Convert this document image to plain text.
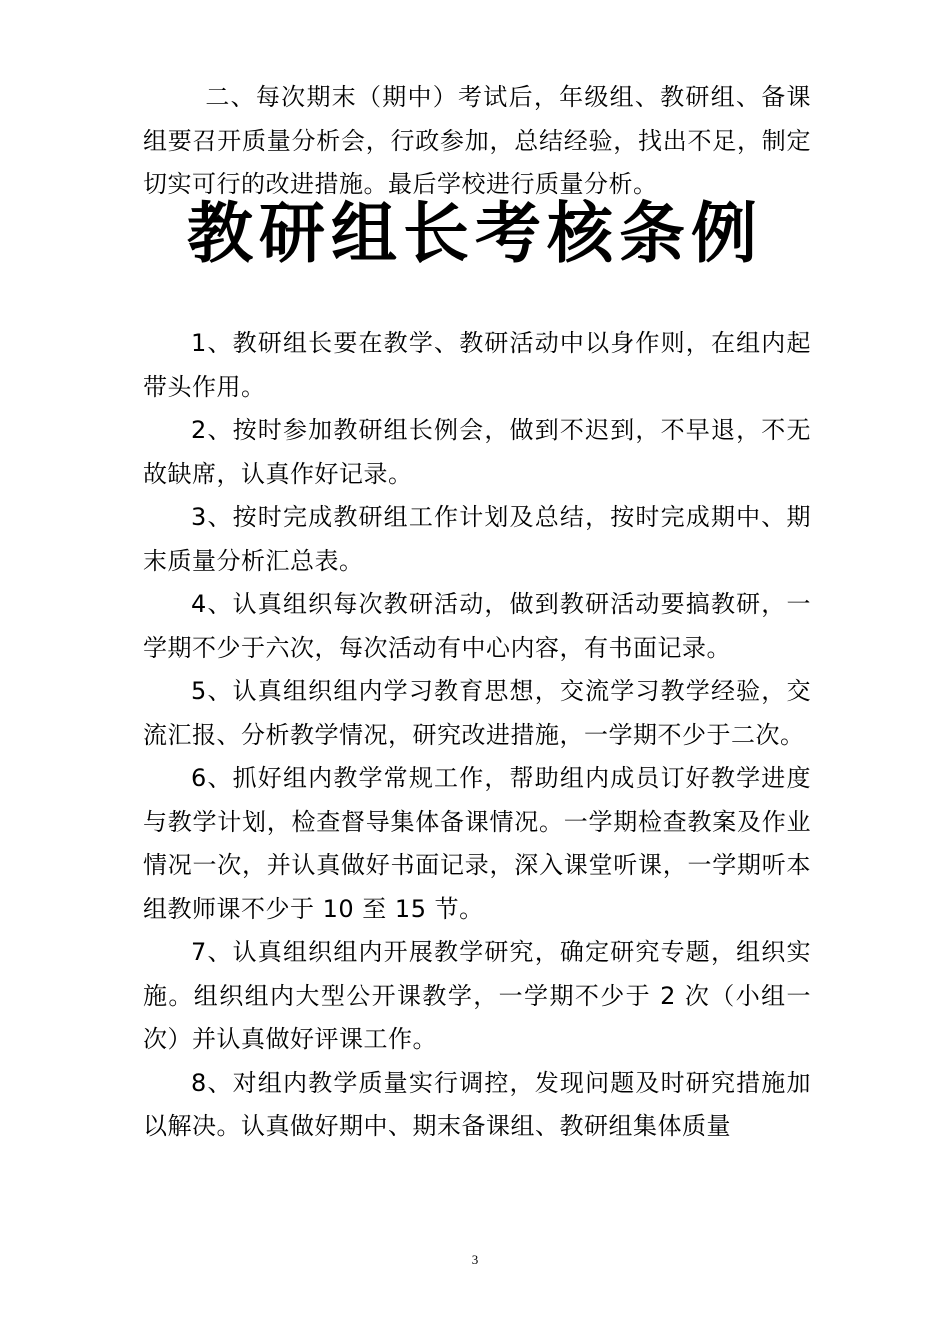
二、每次期末（期中）考试后，年级组、教研组、备课组要召开质量分析会，行政参加，总结经验，找出不足，制定切实可行的改进措施。最后学校进行质量分析。

教研组长考核条例

1、教研组长要在教学、教研活动中以身作则，在组内起带头作用。

2、按时参加教研组长例会，做到不迟到，不早退，不无故缺席，认真作好记录。

3、按时完成教研组工作计划及总结，按时完成期中、期末质量分析汇总表。

4、认真组织每次教研活动，做到教研活动要搞教研，一学期不少于六次，每次活动有中心内容，有书面记录。

5、认真组织组内学习教育思想，交流学习教学经验，交流汇报、分析教学情况，研究改进措施，一学期不少于二次。

6、抓好组内教学常规工作，帮助组内成员订好教学进度与教学计划，检查督导集体备课情况。一学期检查教案及作业情况一次，并认真做好书面记录，深入课堂听课，一学期听本组教师课不少于 10 至 15 节。

7、认真组织组内开展教学研究，确定研究专题，组织实施。组织组内大型公开课教学，一学期不少于 2 次（小组一次）并认真做好评课工作。

8、对组内教学质量实行调控，发现问题及时研究措施加以解决。认真做好期中、期末备课组、教研组集体质量

3
